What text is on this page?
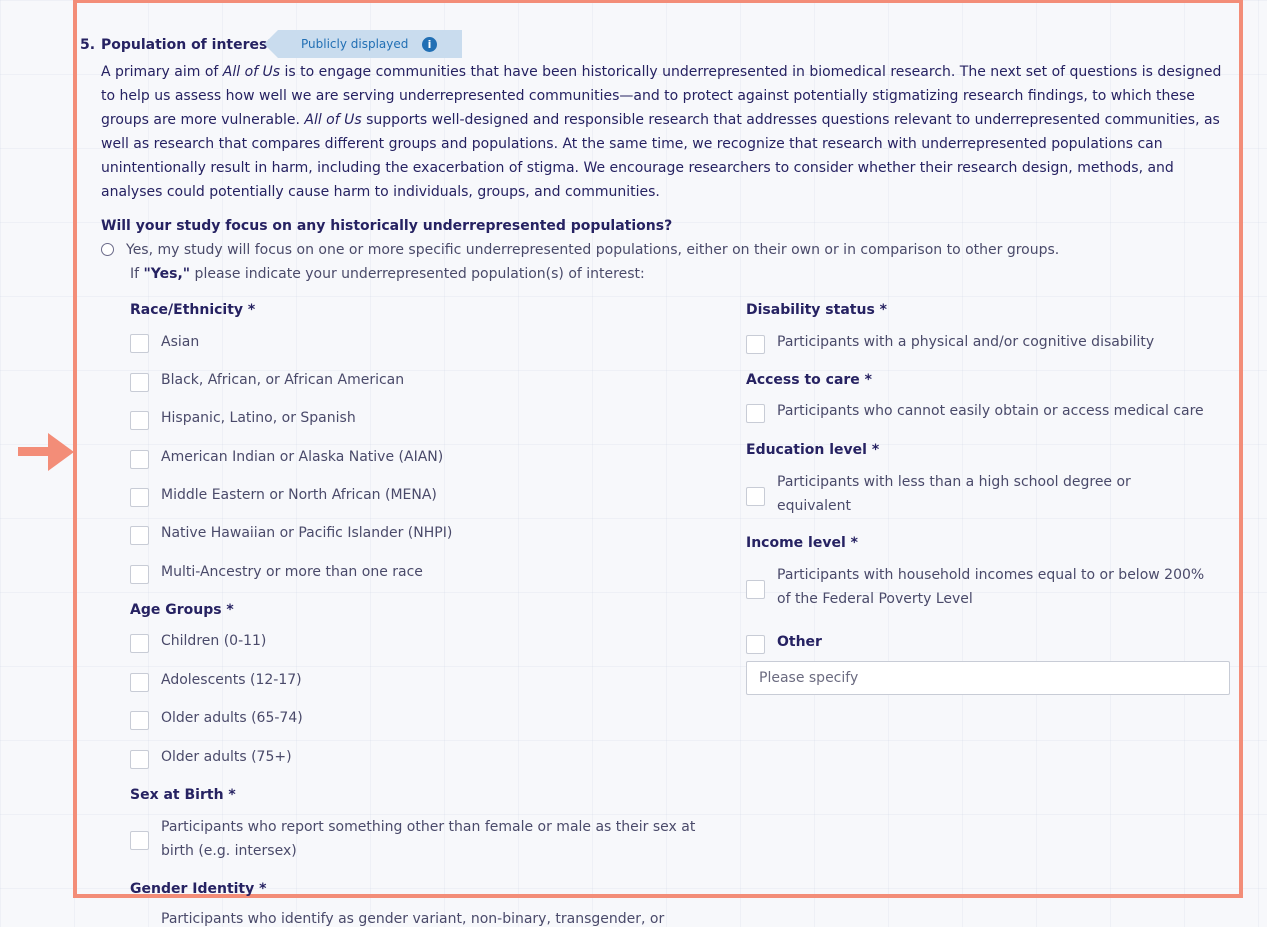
5. Population of interest Publicly displayed	i

A primary aim of All of Us is to engage communities that have been historically underrepresented in biomedical research. The next set of questions is designed to help us assess how well we are serving underrepresented communities—and to protect against potentially stigmatizing research findings, to which these groups are more vulnerable. All of Us supports well-designed and responsible research that addresses questions relevant to underrepresented communities, as well as research that compares different groups and populations. At the same time, we recognize that research with underrepresented populations can unintentionally result in harm, including the exacerbation of stigma. We encourage researchers to consider whether their research design, methods, and analyses could potentially cause harm to individuals, groups, and communities.

Will your study focus on any historically underrepresented populations?
Yes, my study will focus on one or more specific underrepresented populations, either on their own or in comparison to other groups.
If "Yes," please indicate your underrepresented population(s) of interest:
Race/Ethnicity *
Asian
Black, African, or African American
Hispanic, Latino, or Spanish
American Indian or Alaska Native (AIAN)
Middle Eastern or North African (MENA)
Native Hawaiian or Pacific Islander (NHPI)
Multi-Ancestry or more than one race
Age Groups *
Children (0-11)
Adolescents (12-17)
Older adults (65-74)
Older adults (75+)
Sex at Birth *
Participants who report something other than female or male as their sex at birth (e.g. intersex)
Gender Identity *
Participants who identify as gender variant, non-binary, transgender, or
Disability status *
Participants with a physical and/or cognitive disability
Access to care *
Participants who cannot easily obtain or access medical care
Education level *
Participants with less than a high school degree or equivalent
Income level *
Participants with household incomes equal to or below 200% of the Federal Poverty Level
Other
Please specify
